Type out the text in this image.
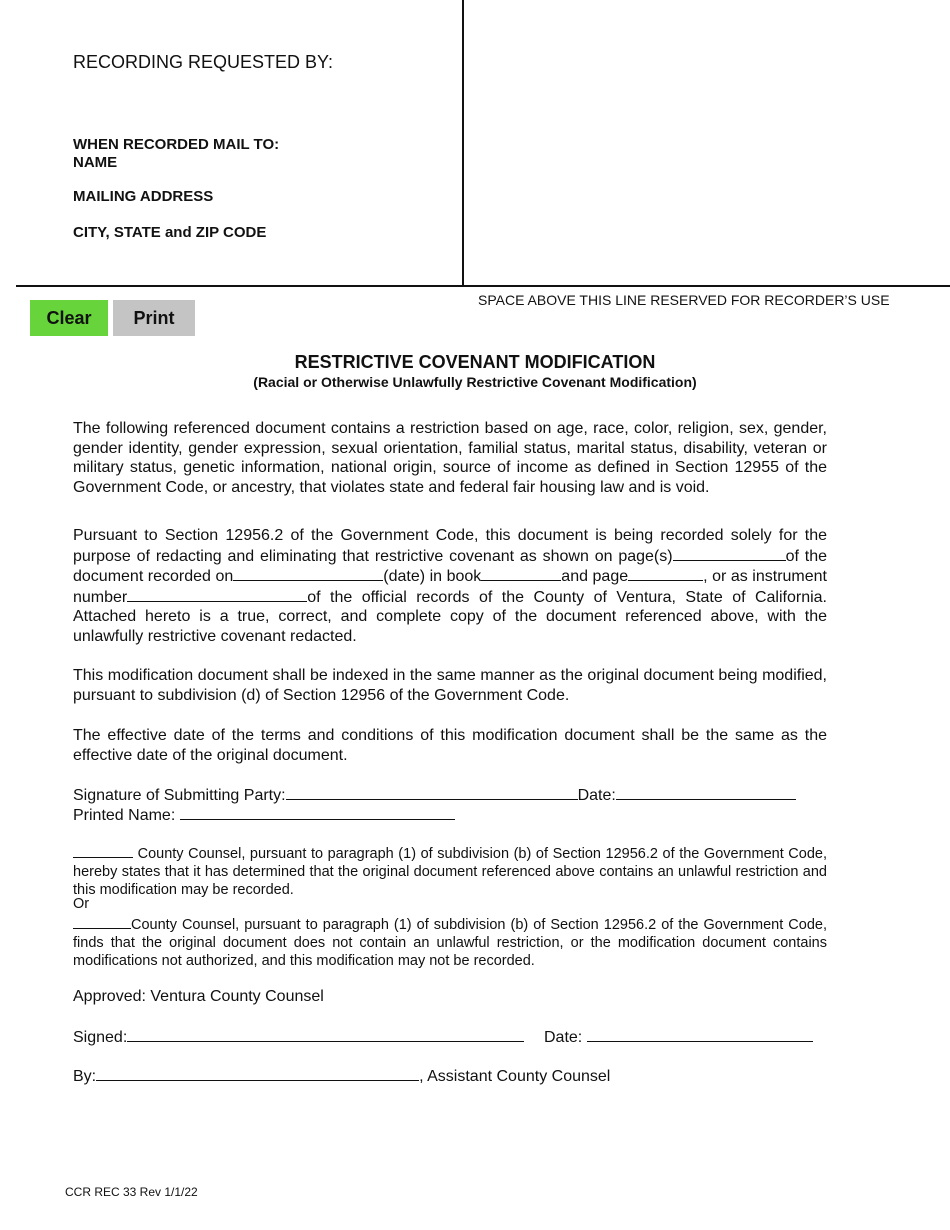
RECORDING REQUESTED BY:
WHEN RECORDED MAIL TO:
NAME
MAILING ADDRESS
CITY, STATE and ZIP CODE
SPACE ABOVE THIS LINE RESERVED FOR RECORDER’S USE
Clear	Print
RESTRICTIVE COVENANT MODIFICATION
(Racial or Otherwise Unlawfully Restrictive Covenant Modification)

The following referenced document contains a restriction based on age, race, color, religion, sex, gender, gender identity, gender expression, sexual orientation, familial status, marital status, disability, veteran or military status, genetic information, national origin, source of income as defined in Section 12955 of the Government Code, or ancestry, that violates state and federal fair housing law and is void.

Pursuant to Section 12956.2 of the Government Code, this document is being recorded solely for the purpose of redacting and eliminating that restrictive covenant as shown on page(s)	of the document recorded on	(date) in book	and page	, or as instrument number	of the official records of the County of Ventura, State of California. Attached hereto is a true, correct, and complete copy of the document referenced above, with the unlawfully restrictive covenant redacted.

This modification document shall be indexed in the same manner as the original document being modified, pursuant to subdivision (d) of Section 12956 of the Government Code.

The effective date of the terms and conditions of this modification document shall be the same as the effective date of the original document.

Signature of Submitting Party:	Date:
Printed Name:
County Counsel, pursuant to paragraph (1) of subdivision (b) of Section 12956.2 of the Government Code, hereby states that it has determined that the original document referenced above contains an unlawful restriction and this modification may be recorded.
Or
County Counsel, pursuant to paragraph (1) of subdivision (b) of Section 12956.2 of the Government Code, finds that the original document does not contain an unlawful restriction, or the modification document contains modifications not authorized, and this modification may not be recorded.
Approved: Ventura County Counsel
Signed:	Date:
By:	, Assistant County Counsel
CCR REC 33 Rev 1/1/22
